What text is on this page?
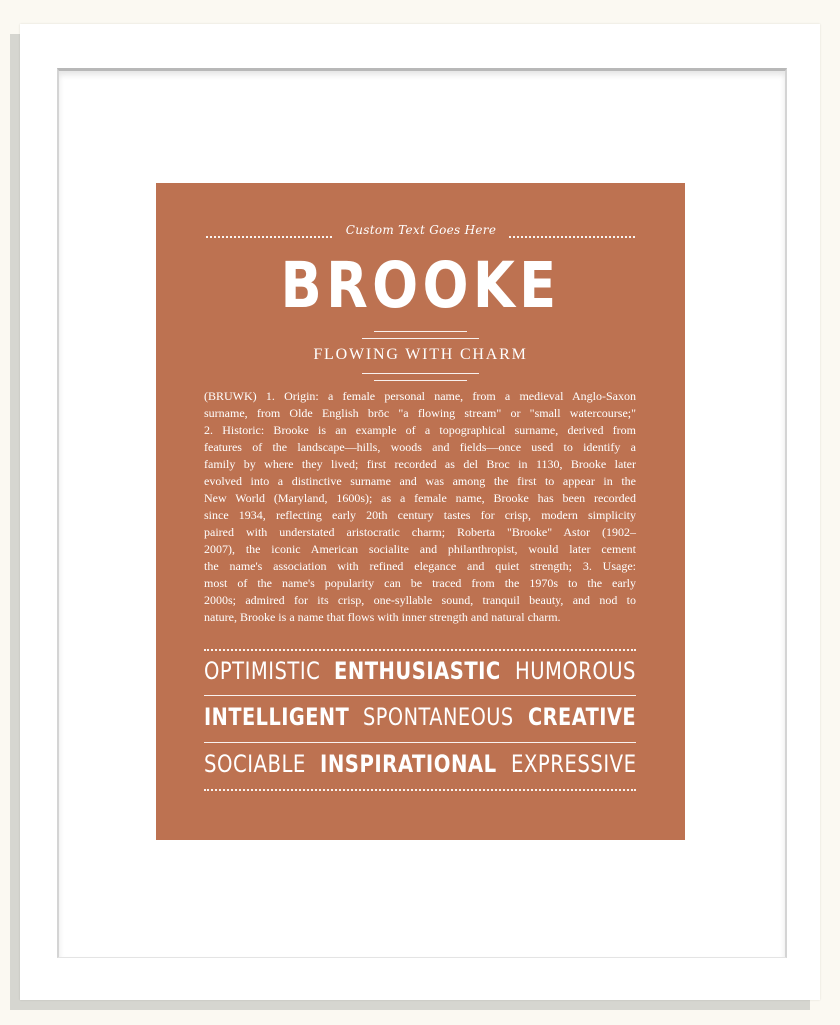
Custom Text Goes Here
BROOKE
FLOWING WITH CHARM
(BRUWK) 1. Origin: a female personal name, from a medieval Anglo-Saxon
surname, from Olde English brōc "a flowing stream" or "small watercourse;"
2. Historic: Brooke is an example of a topographical surname, derived from
features of the landscape—hills, woods and fields—once used to identify a
family by where they lived; first recorded as del Broc in 1130, Brooke later
evolved into a distinctive surname and was among the first to appear in the
New World (Maryland, 1600s); as a female name, Brooke has been recorded
since 1934, reflecting early 20th century tastes for crisp, modern simplicity
paired with understated aristocratic charm; Roberta "Brooke" Astor (1902–
2007), the iconic American socialite and philanthropist, would later cement
the name's association with refined elegance and quiet strength; 3. Usage:
most of the name's popularity can be traced from the 1970s to the early
2000s; admired for its crisp, one-syllable sound, tranquil beauty, and nod to
nature, Brooke is a name that flows with inner strength and natural charm.
OPTIMISTIC ENTHUSIASTIC HUMOROUS
INTELLIGENT SPONTANEOUS CREATIVE
SOCIABLE INSPIRATIONAL EXPRESSIVE
